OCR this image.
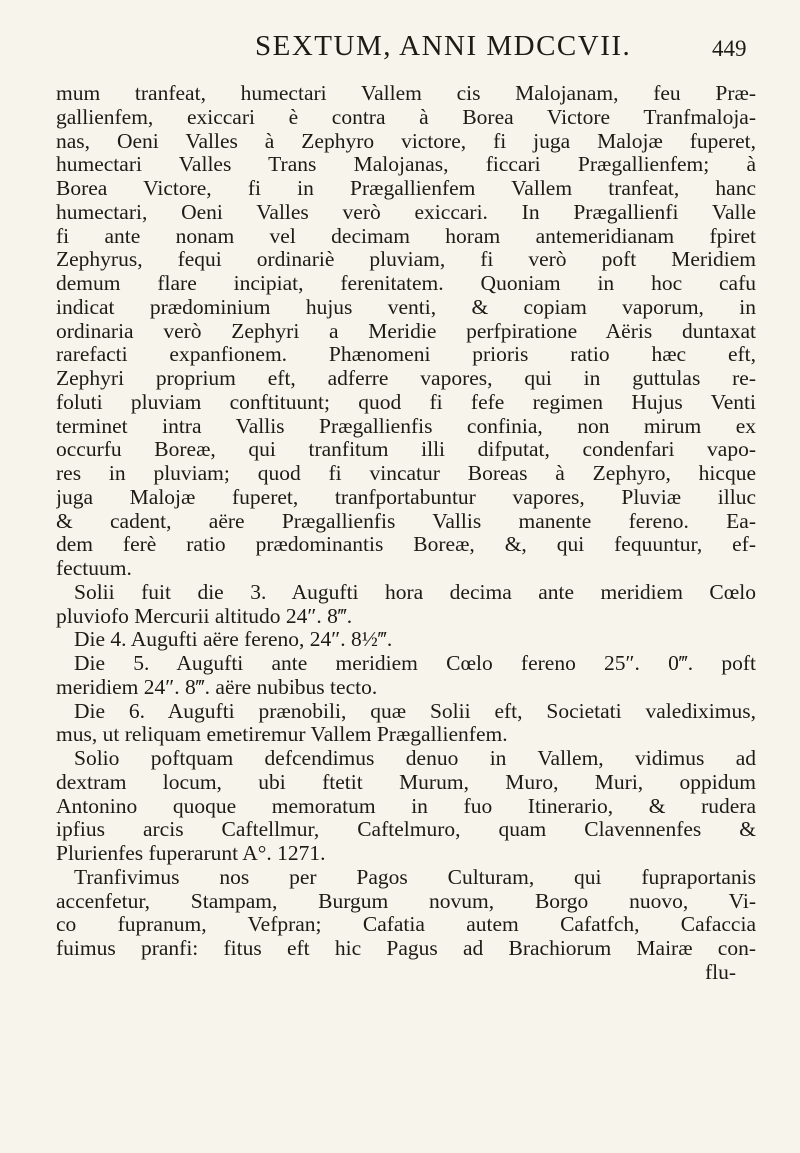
SEXTUM, ANNI MDCCVII.	449
mum tranfeat, humectari Vallem cis Malojanam, feu Præ-
gallienfem, exiccari è contra à Borea Victore Tranfmaloja-
nas, Oeni Valles à Zephyro victore, fi juga Malojæ fuperet,
humectari Valles Trans Malojanas, ficcari Prægallienfem; à
Borea Victore, fi in Prægallienfem Vallem tranfeat, hanc
humectari, Oeni Valles verò exiccari. In Prægallienfi Valle
fi ante nonam vel decimam horam antemeridianam fpiret
Zephyrus, fequi ordinariè pluviam, fi verò poft Meridiem
demum flare incipiat, ferenitatem. Quoniam in hoc cafu
indicat prædominium hujus venti, & copiam vaporum, in
ordinaria verò Zephyri a Meridie perfpiratione Aëris duntaxat
rarefacti expanfionem. Phænomeni prioris ratio hæc eft,
Zephyri proprium eft, adferre vapores, qui in guttulas re-
foluti pluviam conftituunt; quod fi fefe regimen Hujus Venti
terminet intra Vallis Prægallienfis confinia, non mirum ex
occurfu Boreæ, qui tranfitum illi difputat, condenfari vapo-
res in pluviam; quod fi vincatur Boreas à Zephyro, hicque
juga Malojæ fuperet, tranfportabuntur vapores, Pluviæ illuc
& cadent, aëre Prægallienfis Vallis manente fereno. Ea-
dem ferè ratio prædominantis Boreæ, &, qui fequuntur, ef-
fectuum.
Solii fuit die 3. Augufti hora decima ante meridiem Cœlo
pluviofo Mercurii altitudo 24″. 8‴.
Die 4. Augufti aëre fereno, 24″. 8½‴.
Die 5. Augufti ante meridiem Cœlo fereno 25″. 0‴. poft
meridiem 24″. 8‴. aëre nubibus tecto.
Die 6. Augufti prænobili, quæ Solii eft, Societati valediximus,
mus, ut reliquam emetiremur Vallem Prægallienfem.
Solio poftquam defcendimus denuo in Vallem, vidimus ad
dextram locum, ubi ftetit Murum, Muro, Muri, oppidum
Antonino quoque memoratum in fuo Itinerario, & rudera
ipfius arcis Caftellmur, Caftelmuro, quam Clavennenfes &
Plurienfes fuperarunt A°. 1271.
Tranfivimus nos per Pagos Culturam, qui fupraportanis
accenfetur, Stampam, Burgum novum, Borgo nuovo, Vi-
co fupranum, Vefpran; Cafatia autem Cafatfch, Cafaccia
fuimus pranfi: fitus eft hic Pagus ad Brachiorum Mairæ con-
flu-
